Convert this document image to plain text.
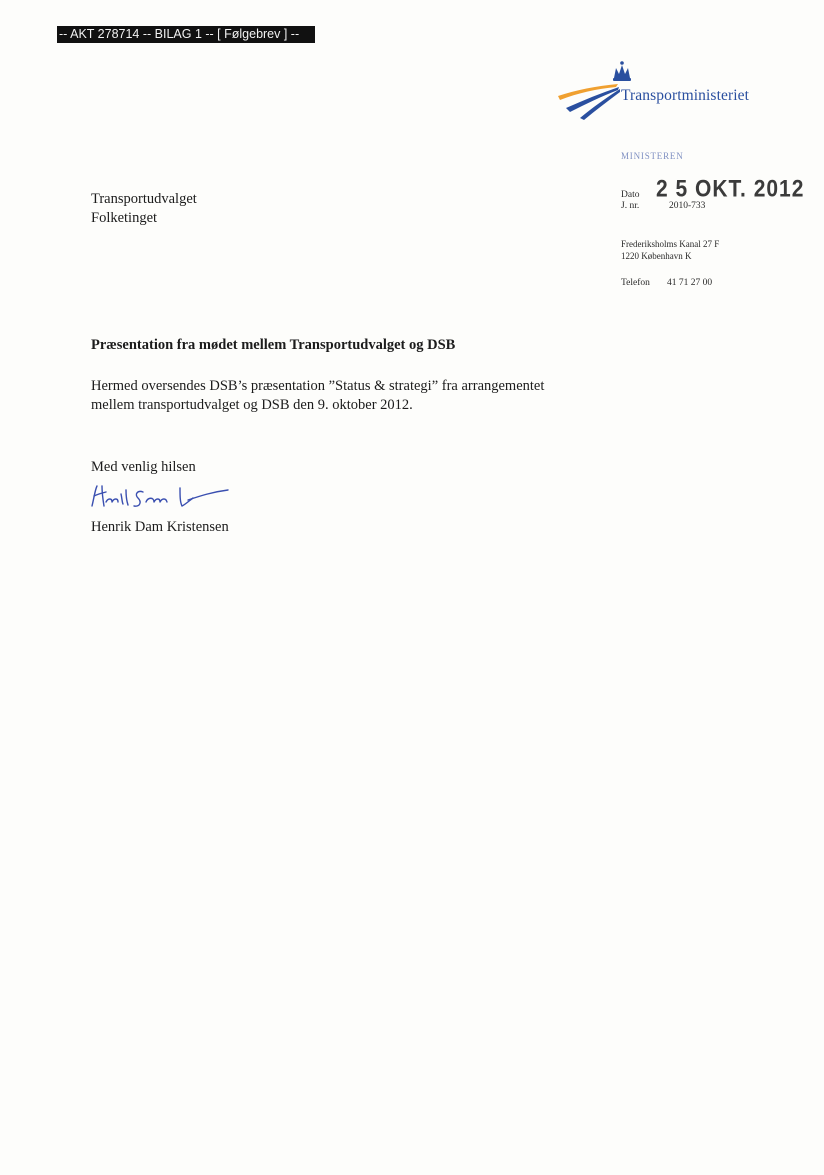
-- AKT 278714 -- BILAG 1 -- [ Følgebrev ] --
Transportministeriet
MINISTEREN
Dato 2 5 OKT. 2012
J. nr.	2010-733
Frederiksholms Kanal 27 F
1220 København K
Telefon 41 71 27 00
Transportudvalget
Folketinget
Præsentation fra mødet mellem Transportudvalget og DSB
Hermed oversendes DSB’s præsentation ”Status & strategi” fra arrangementet
mellem transportudvalget og DSB den 9. oktober 2012.
Med venlig hilsen
Henrik Dam Kristensen
